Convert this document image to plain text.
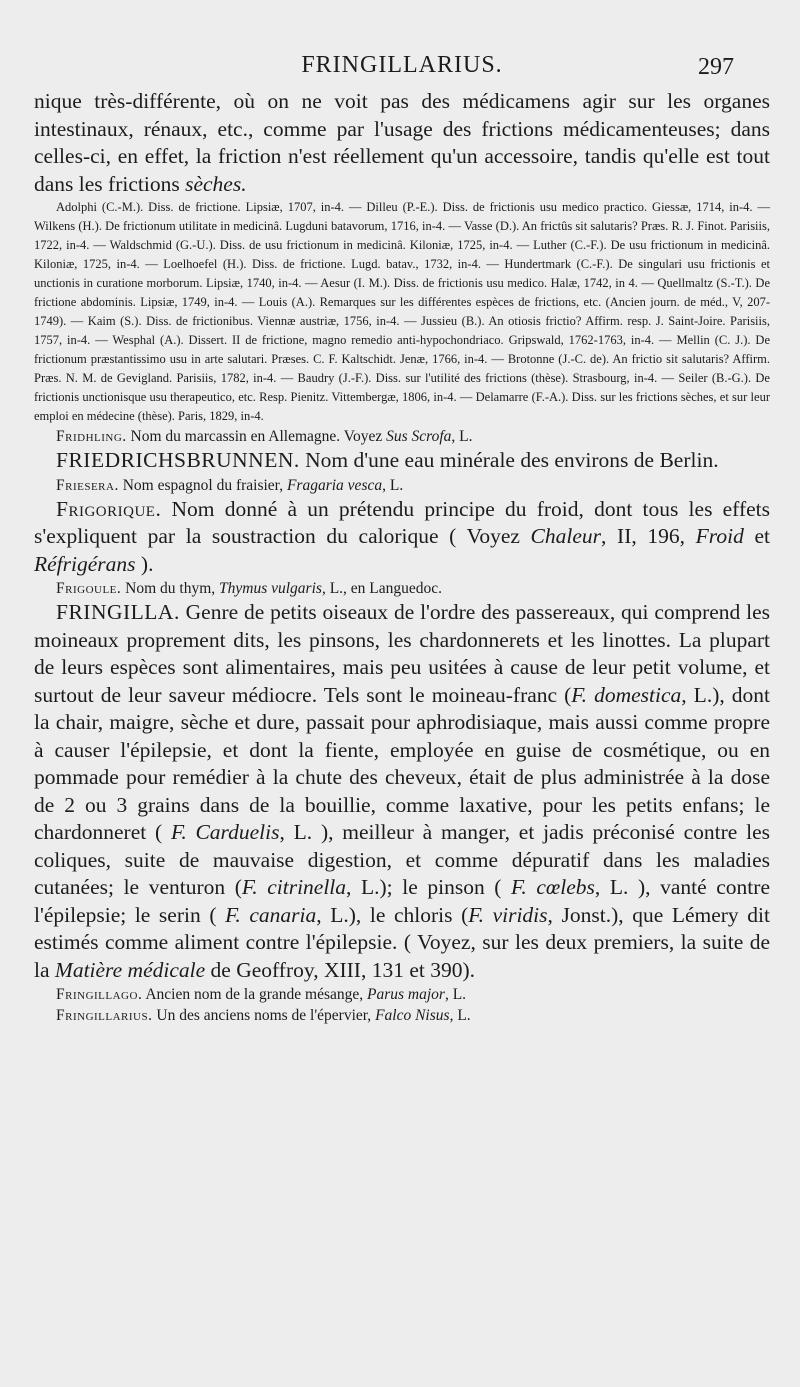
FRINGILLARIUS.	297

nique très-différente, où on ne voit pas des médicamens agir sur les organes intestinaux, rénaux, etc., comme par l'usage des frictions médicamenteuses; dans celles-ci, en effet, la friction n'est réellement qu'un accessoire, tandis qu'elle est tout dans les frictions sèches.

Adolphi (C.-M.). Diss. de frictione. Lipsiæ, 1707, in-4. — Dilleu (P.-E.). Diss. de frictionis usu medico practico. Giessæ, 1714, in-4. — Wilkens (H.). De frictionum utilitate in medicinâ. Lugduni batavorum, 1716, in-4. — Vasse (D.). An frictûs sit salutaris? Præs. R. J. Finot. Parisiis, 1722, in-4. — Waldschmid (G.-U.). Diss. de usu frictionum in medicinâ. Kiloniæ, 1725, in-4. — Luther (C.-F.). De usu frictionum in medicinâ. Kiloniæ, 1725, in-4. — Loelhoefel (H.). Diss. de frictione. Lugd. batav., 1732, in-4. — Hundertmark (C.-F.). De singulari usu frictionis et unctionis in curatione morborum. Lipsiæ, 1740, in-4. — Aesur (I. M.). Diss. de frictionis usu medico. Halæ, 1742, in 4. — Quellmaltz (S.-T.). De frictione abdominis. Lipsiæ, 1749, in-4. — Louis (A.). Remarques sur les différentes espèces de frictions, etc. (Ancien journ. de méd., V, 207-1749). — Kaim (S.). Diss. de frictionibus. Viennæ austriæ, 1756, in-4. — Jussieu (B.). An otiosis frictio? Affirm. resp. J. Saint-Joire. Parisiis, 1757, in-4. — Wesphal (A.). Dissert. II de frictione, magno remedio anti-hypochondriaco. Gripswald, 1762-1763, in-4. — Mellin (C. J.). De frictionum præstantissimo usu in arte salutari. Præses. C. F. Kaltschidt. Jenæ, 1766, in-4. — Brotonne (J.-C. de). An frictio sit salutaris? Affirm. Præs. N. M. de Gevigland. Parisiis, 1782, in-4. — Baudry (J.-F.). Diss. sur l'utilité des frictions (thèse). Strasbourg, in-4. — Seiler (B.-G.). De frictionis unctionisque usu therapeutico, etc. Resp. Pienitz. Vittembergæ, 1806, in-4. — Delamarre (F.-A.). Diss. sur les frictions sèches, et sur leur emploi en médecine (thèse). Paris, 1829, in-4.

Fridhling. Nom du marcassin en Allemagne. Voyez Sus Scrofa, L.

FRIEDRICHSBRUNNEN. Nom d'une eau minérale des environs de Berlin.

Friesera. Nom espagnol du fraisier, Fragaria vesca, L.

Frigorique. Nom donné à un prétendu principe du froid, dont tous les effets s'expliquent par la soustraction du calorique ( Voyez Chaleur, II, 196, Froid et Réfrigérans ).

Frigoule. Nom du thym, Thymus vulgaris, L., en Languedoc.

FRINGILLA. Genre de petits oiseaux de l'ordre des passereaux, qui comprend les moineaux proprement dits, les pinsons, les chardonnerets et les linottes. La plupart de leurs espèces sont alimentaires, mais peu usitées à cause de leur petit volume, et surtout de leur saveur médiocre. Tels sont le moineau-franc (F. domestica, L.), dont la chair, maigre, sèche et dure, passait pour aphrodisiaque, mais aussi comme propre à causer l'épilepsie, et dont la fiente, employée en guise de cosmétique, ou en pommade pour remédier à la chute des cheveux, était de plus administrée à la dose de 2 ou 3 grains dans de la bouillie, comme laxative, pour les petits enfans; le chardonneret ( F. Carduelis, L. ), meilleur à manger, et jadis préconisé contre les coliques, suite de mauvaise digestion, et comme dépuratif dans les maladies cutanées; le venturon (F. citrinella, L.); le pinson ( F. cœlebs, L. ), vanté contre l'épilepsie; le serin ( F. canaria, L.), le chloris (F. viridis, Jonst.), que Lémery dit estimés comme aliment contre l'épilepsie. ( Voyez, sur les deux premiers, la suite de la Matière médicale de Geoffroy, XIII, 131 et 390).

Fringillago. Ancien nom de la grande mésange, Parus major, L.

Fringillarius. Un des anciens noms de l'épervier, Falco Nisus, L.
